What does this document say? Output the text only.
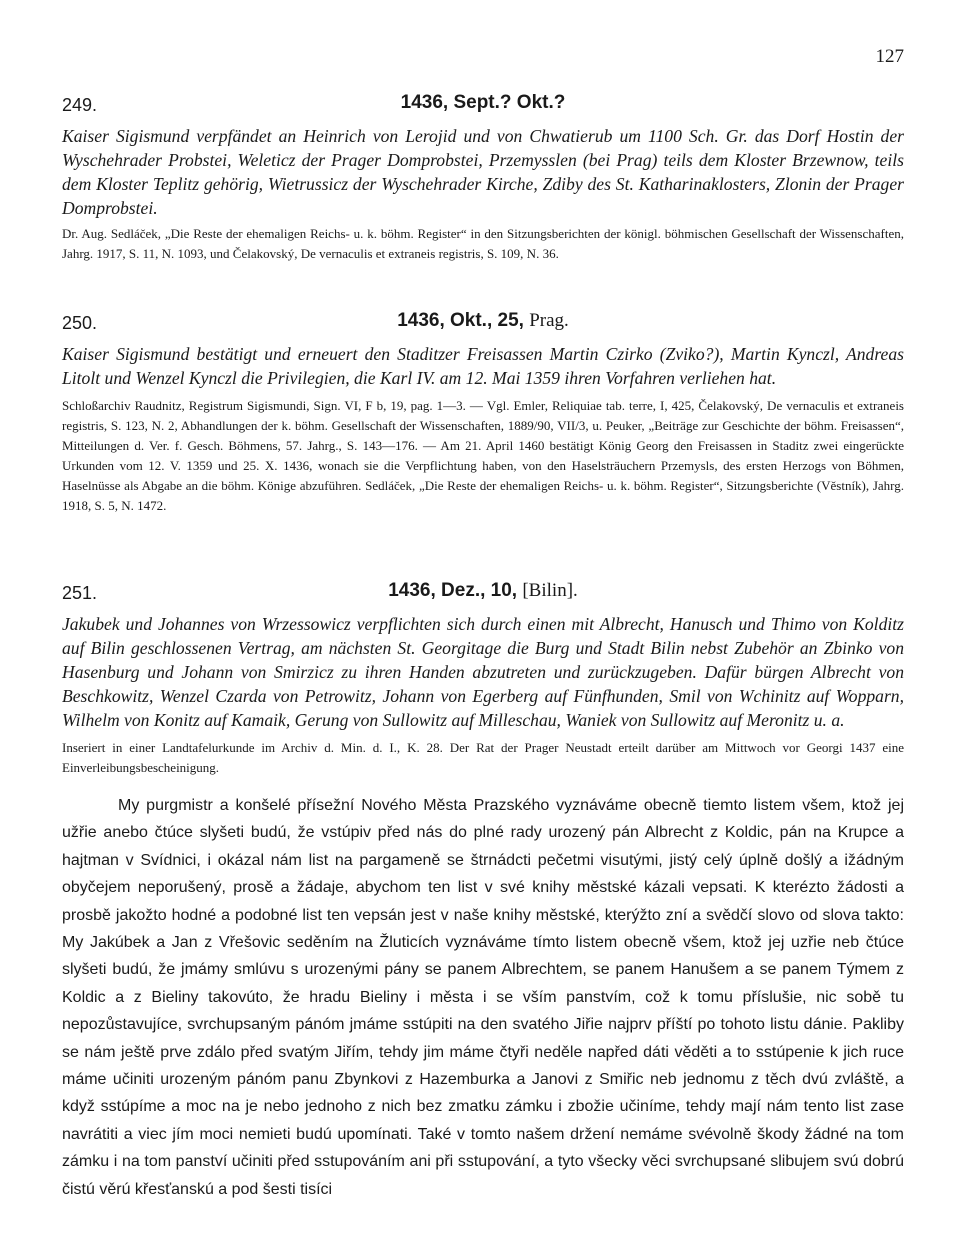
127
249.	1436, Sept.? Okt.?

Kaiser Sigismund verpfändet an Heinrich von Lerojid und von Chwatierub um 1100 Sch. Gr. das Dorf Hostin der Wyschehrader Probstei, Weleticz der Prager Domprobstei, Przemysslen (bei Prag) teils dem Kloster Brzewnow, teils dem Kloster Teplitz gehörig, Wietrussicz der Wyschehrader Kirche, Zdiby des St. Katharinaklosters, Zlonin der Prager Domprobstei.

Dr. Aug. Sedláček, „Die Reste der ehemaligen Reichs- u. k. böhm. Register“ in den Sitzungsberichten der königl. böhmischen Gesellschaft der Wissenschaften, Jahrg. 1917, S. 11, N. 1093, und Čelakovský, De vernaculis et extraneis registris, S. 109, N. 36.

250.	1436, Okt., 25, Prag.

Kaiser Sigismund bestätigt und erneuert den Staditzer Freisassen Martin Czirko (Zviko?), Martin Kynczl, Andreas Litolt und Wenzel Kynczl die Privilegien, die Karl IV. am 12. Mai 1359 ihren Vorfahren verliehen hat.

Schloßarchiv Raudnitz, Registrum Sigismundi, Sign. VI, F b, 19, pag. 1—3. — Vgl. Emler, Reliquiae tab. terre, I, 425, Čelakovský, De vernaculis et extraneis registris, S. 123, N. 2, Abhandlungen der k. böhm. Gesellschaft der Wissenschaften, 1889/90, VII/3, u. Peuker, „Beiträge zur Geschichte der böhm. Freisassen“, Mitteilungen d. Ver. f. Gesch. Böhmens, 57. Jahrg., S. 143—176. — Am 21. April 1460 bestätigt König Georg den Freisassen in Staditz zwei eingerückte Urkunden vom 12. V. 1359 und 25. X. 1436, wonach sie die Verpflichtung haben, von den Haselsträuchern Przemysls, des ersten Herzogs von Böhmen, Haselnüsse als Abgabe an die böhm. Könige abzuführen. Sedláček, „Die Reste der ehemaligen Reichs- u. k. böhm. Register“, Sitzungsberichte (Věstník), Jahrg. 1918, S. 5, N. 1472.

251.	1436, Dez., 10, [Bilin].

Jakubek und Johannes von Wrzessowicz verpflichten sich durch einen mit Albrecht, Hanusch und Thimo von Kolditz auf Bilin geschlossenen Vertrag, am nächsten St. Georgitage die Burg und Stadt Bilin nebst Zubehör an Zbinko von Hasenburg und Johann von Smirzicz zu ihren Handen abzutreten und zurückzugeben. Dafür bürgen Albrecht von Beschkowitz, Wenzel Czarda von Petrowitz, Johann von Egerberg auf Fünfhunden, Smil von Wchinitz auf Wopparn, Wilhelm von Konitz auf Kamaik, Gerung von Sullowitz auf Milleschau, Waniek von Sullowitz auf Meronitz u. a.

Inseriert in einer Landtafelurkunde im Archiv d. Min. d. I., K. 28. Der Rat der Prager Neustadt erteilt darüber am Mittwoch vor Georgi 1437 eine Einverleibungsbescheinigung.

My purgmistr a konšelé přísežní Nového Města Prazského vyznáváme obecně tiemto listem všem, ktož jej užřie anebo čtúce slyšeti budú, že vstúpiv před nás do plné rady urozený pán Albrecht z Koldic, pán na Krupce a hajtman v Svídnici, i okázal nám list na pargameně se štrnádcti pečetmi visutými, jistý celý úplně došlý a ižádným obyčejem neporušený, prosě a žádaje, abychom ten list v své knihy městské kázali vepsati. K kterézto žádosti a prosbě jakožto hodné a podobné list ten vepsán jest v naše knihy městské, kterýžto zní a svědčí slovo od slova takto: My Jakúbek a Jan z Vřešovic seděním na Žluticích vyznáváme tímto listem obecně všem, ktož jej uzřie neb čtúce slyšeti budú, že jmámy smlúvu s urozenými pány se panem Albrechtem, se panem Hanušem a se panem Týmem z Koldic a z Bieliny takovúto, že hradu Bieliny i města i se vším panstvím, což k tomu příslušie, nic sobě tu nepozůstavujíce, svrchupsaným pánóm jmáme sstúpiti na den svatého Jiřie najprv příští po tohoto listu dánie. Pakliby se nám ještě prve zdálo před svatým Jiřím, tehdy jim máme čtyři neděle napřed dáti věděti a to sstúpenie k jich ruce máme učiniti urozeným pánóm panu Zbynkovi z Hazemburka a Janovi z Smiřic neb jednomu z těch dvú zvláště, a když sstúpíme a moc na je nebo jednoho z nich bez zmatku zámku i zbožie učiníme, tehdy mají nám tento list zase navrátiti a viec jím moci nemieti budú upomínati. Také v tomto našem držení nemáme svévolně škody žádné na tom zámku i na tom panství učiniti před sstupováním ani při sstupování, a tyto všecky věci svrchupsané slibujem svú dobrú čistú věrú křesťanskú a pod šesti tisíci
